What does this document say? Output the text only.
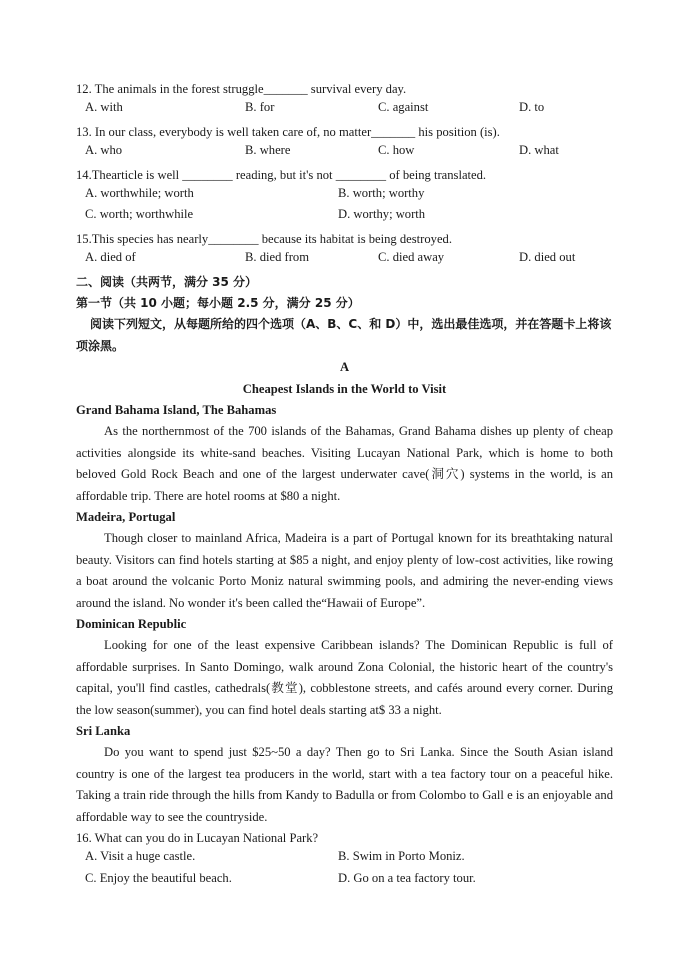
12. The animals in the forest struggle_______ survival every day.
A. with	B. for	C. against	D. to
13. In our class, everybody is well taken care of, no matter_______ his position (is).
A. who	B. where	C. how	D. what
14.Thearticle is well ________ reading, but it's not ________ of being translated.
A. worthwhile; worth	B. worth; worthy
C. worth; worthwhile	D. worthy; worth
15.This species has nearly________ because its habitat is being destroyed.
A. died of	B. died from	C. died away	D. died out
二、阅读（共两节，满分 35 分）
第一节（共 10 小题；每小题 2.5 分，满分 25 分）
阅读下列短文，从每题所给的四个选项（A、B、C、和 D）中，选出最佳选项，并在答题卡上将该项涂黑。
A
Cheapest Islands in the World to Visit
Grand Bahama Island, The Bahamas
As the northernmost of the 700 islands of the Bahamas, Grand Bahama dishes up plenty of cheap activities alongside its white-sand beaches. Visiting Lucayan National Park, which is home to both beloved Gold Rock Beach and one of the largest underwater cave(洞穴) systems in the world, is an affordable trip. There are hotel rooms at $80 a night.
Madeira, Portugal
Though closer to mainland Africa, Madeira is a part of Portugal known for its breathtaking natural beauty. Visitors can find hotels starting at $85 a night, and enjoy plenty of low-cost activities, like rowing a boat around the volcanic Porto Moniz natural swimming pools, and admiring the never-ending views around the island. No wonder it's been called the“Hawaii of Europe”.
Dominican Republic
Looking for one of the least expensive Caribbean islands? The Dominican Republic is full of affordable surprises. In Santo Domingo, walk around Zona Colonial, the historic heart of the country's capital, you'll find castles, cathedrals(教堂), cobblestone streets, and cafés around every corner. During the low season(summer), you can find hotel deals starting at$ 33 a night.
Sri Lanka
Do you want to spend just $25~50 a day? Then go to Sri Lanka. Since the South Asian island country is one of the largest tea producers in the world, start with a tea factory tour on a peaceful hike. Taking a train ride through the hills from Kandy to Badulla or from Colombo to Gall e is an enjoyable and affordable way to see the countryside.
16. What can you do in Lucayan National Park?
A. Visit a huge castle.	B. Swim in Porto Moniz.
C. Enjoy the beautiful beach.	D. Go on a tea factory tour.
